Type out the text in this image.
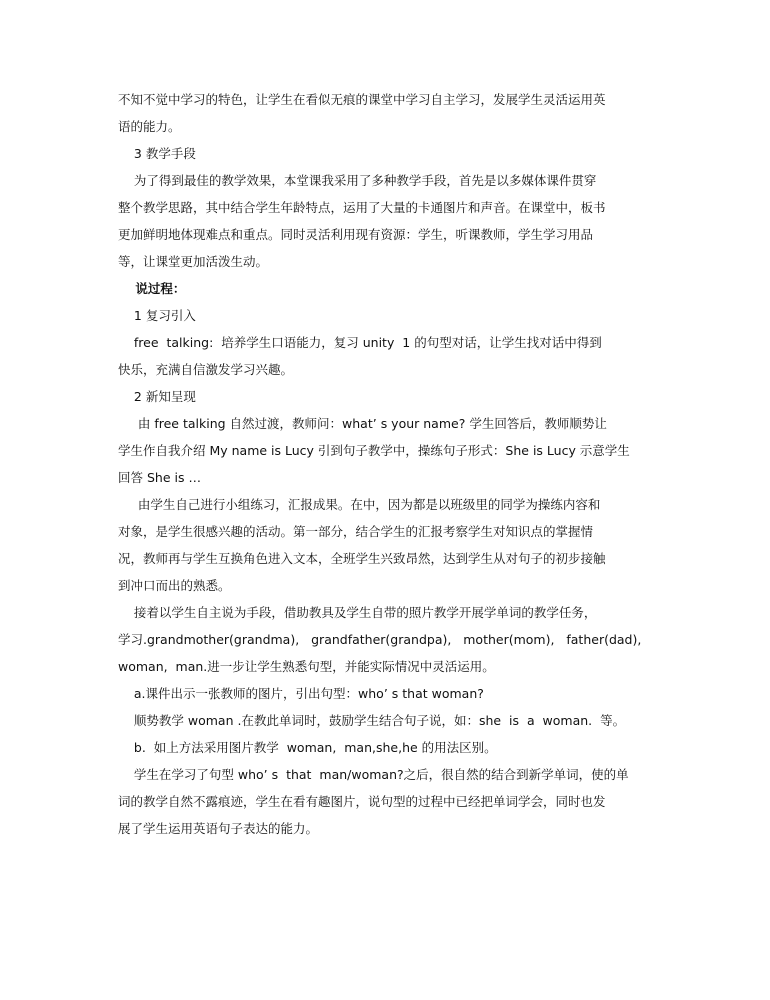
不知不觉中学习的特色，让学生在看似无痕的课堂中学习自主学习，发展学生灵活运用英
语的能力。
3 教学手段
为了得到最佳的教学效果，本堂课我采用了多种教学手段，首先是以多媒体课件贯穿
整个教学思路，其中结合学生年龄特点，运用了大量的卡通图片和声音。在课堂中，板书
更加鲜明地体现难点和重点。同时灵活利用现有资源：学生，听课教师，学生学习用品
等，让课堂更加活泼生动。
说过程：
1 复习引入
free  talking:  培养学生口语能力，复习 unity  1 的句型对话，让学生找对话中得到
快乐，充满自信激发学习兴趣。
2 新知呈现
由 free talking 自然过渡，教师问：what’ s your name? 学生回答后，教师顺势让
学生作自我介绍 My name is Lucy 引到句子教学中，操练句子形式：She is Lucy 示意学生
回答 She is …
由学生自己进行小组练习，汇报成果。在中，因为都是以班级里的同学为操练内容和
对象，是学生很感兴趣的活动。第一部分，结合学生的汇报考察学生对知识点的掌握情
况，教师再与学生互换角色进入文本，全班学生兴致昂然，达到学生从对句子的初步接触
到冲口而出的熟悉。
接着以学生自主说为手段，借助教具及学生自带的照片教学开展学单词的教学任务，
学习.grandmother(grandma),   grandfather(grandpa),   mother(mom),   father(dad),
woman,  man.进一步让学生熟悉句型，并能实际情况中灵活运用。
a.课件出示一张教师的图片，引出句型：who’ s that woman?
顺势教学 woman .在教此单词时，鼓励学生结合句子说，如：she  is  a  woman.  等。
b.  如上方法采用图片教学  woman,  man,she,he 的用法区别。
学生在学习了句型 who’ s  that  man/woman?之后，很自然的结合到新学单词，使的单
词的教学自然不露痕迹，学生在看有趣图片，说句型的过程中已经把单词学会，同时也发
展了学生运用英语句子表达的能力。
